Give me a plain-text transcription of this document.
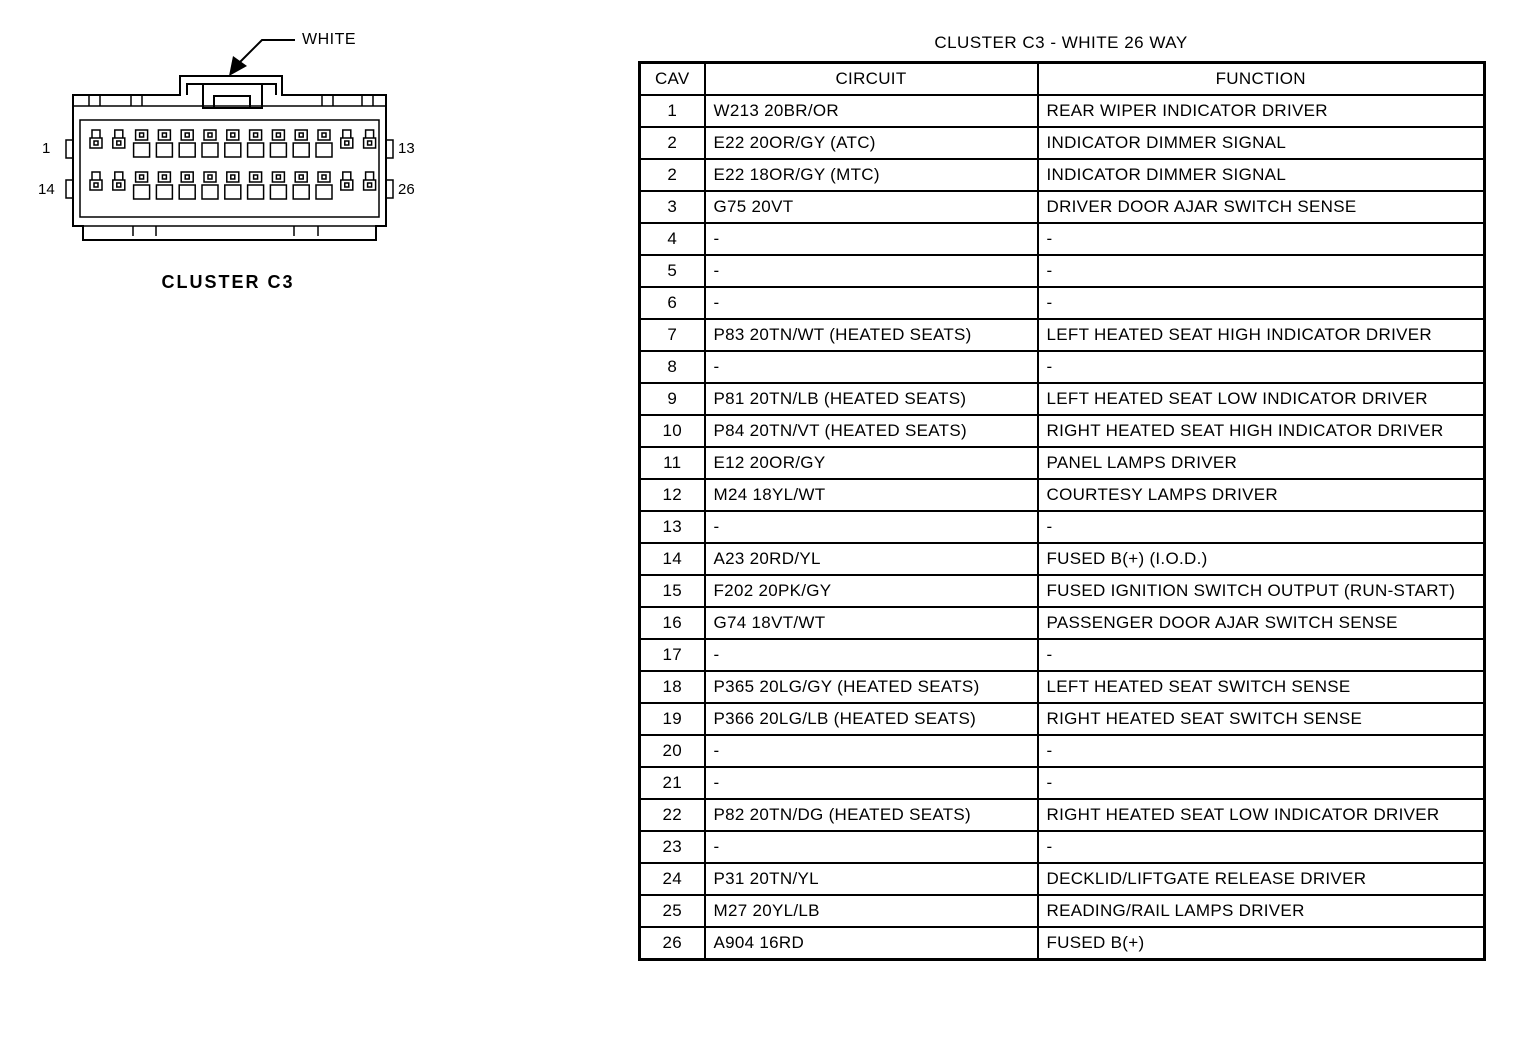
WHITE
1	13
14	26
CLUSTER C3
CLUSTER C3 - WHITE 26 WAY
CAV	CIRCUIT	FUNCTION
1	W213 20BR/OR	REAR WIPER INDICATOR DRIVER
2	E22 20OR/GY (ATC)	INDICATOR DIMMER SIGNAL
2	E22 18OR/GY (MTC)	INDICATOR DIMMER SIGNAL
3	G75 20VT	DRIVER DOOR AJAR SWITCH SENSE
4	-	-
5	-	-
6	-	-
7	P83 20TN/WT (HEATED SEATS)	LEFT HEATED SEAT HIGH INDICATOR DRIVER
8	-	-
9	P81 20TN/LB (HEATED SEATS)	LEFT HEATED SEAT LOW INDICATOR DRIVER
10	P84 20TN/VT (HEATED SEATS)	RIGHT HEATED SEAT HIGH INDICATOR DRIVER
11	E12 20OR/GY	PANEL LAMPS DRIVER
12	M24 18YL/WT	COURTESY LAMPS DRIVER
13	-	-
14	A23 20RD/YL	FUSED B(+) (I.O.D.)
15	F202 20PK/GY	FUSED IGNITION SWITCH OUTPUT (RUN-START)
16	G74 18VT/WT	PASSENGER DOOR AJAR SWITCH SENSE
17	-	-
18	P365 20LG/GY (HEATED SEATS)	LEFT HEATED SEAT SWITCH SENSE
19	P366 20LG/LB (HEATED SEATS)	RIGHT HEATED SEAT SWITCH SENSE
20	-	-
21	-	-
22	P82 20TN/DG (HEATED SEATS)	RIGHT HEATED SEAT LOW INDICATOR DRIVER
23	-	-
24	P31 20TN/YL	DECKLID/LIFTGATE RELEASE DRIVER
25	M27 20YL/LB	READING/RAIL LAMPS DRIVER
26	A904 16RD	FUSED B(+)
